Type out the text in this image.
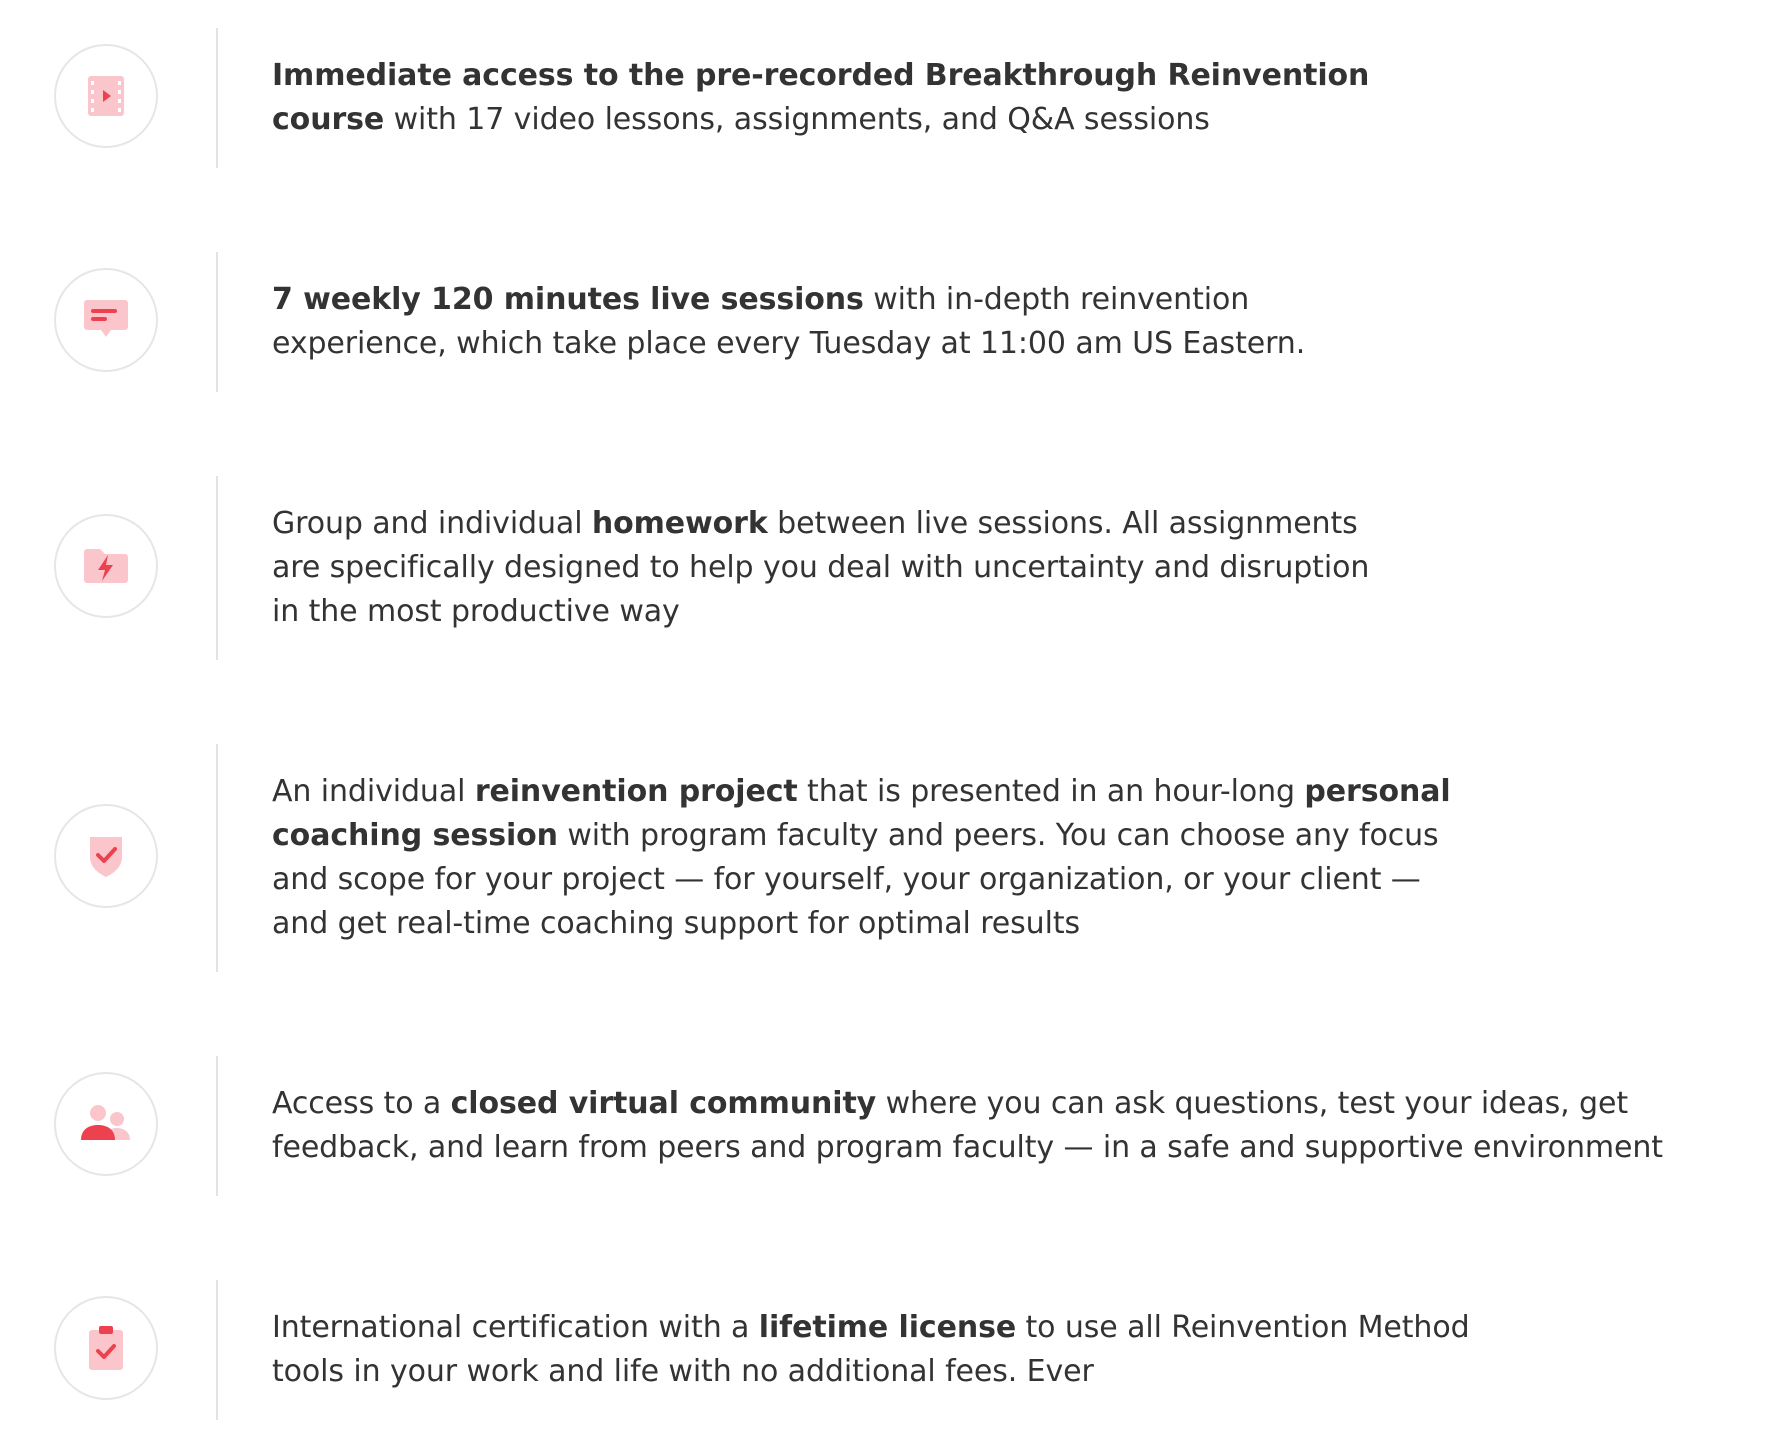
Immediate access to the pre-recorded Breakthrough Reinvention
course with 17 video lessons, assignments, and Q&A sessions

7 weekly 120 minutes live sessions with in-depth reinvention
experience, which take place every Tuesday at 11:00 am US Eastern.

Group and individual homework between live sessions. All assignments
are specifically designed to help you deal with uncertainty and disruption
in the most productive way

An individual reinvention project that is presented in an hour-long personal
coaching session with program faculty and peers. You can choose any focus
and scope for your project — for yourself, your organization, or your client —
and get real-time coaching support for optimal results

Access to a closed virtual community where you can ask questions, test your ideas, get
feedback, and learn from peers and program faculty — in a safe and supportive environment

International certification with a lifetime license to use all Reinvention Method
tools in your work and life with no additional fees. Ever
